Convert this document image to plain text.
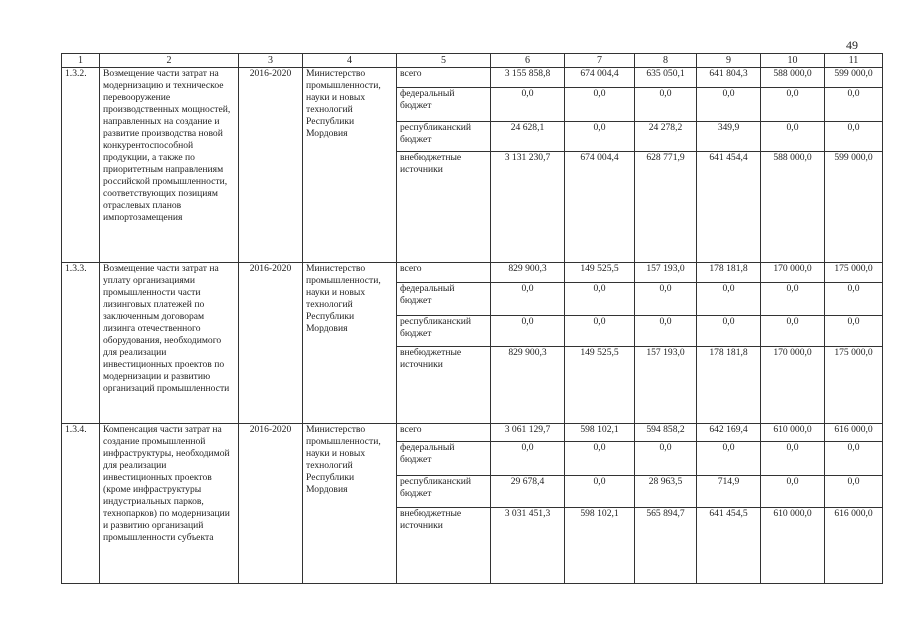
49
1	2	3	4	5	6	7	8	9	10	11
1.3.2.	Возмещение части затрат на модернизацию и техническое перевооружение производственных мощностей, направленных на создание и развитие производства новой конкурентоспособной продукции, а также по приоритетным направлениям российской промышленности, соответствующих позициям отраслевых планов импортозамещения	2016-2020	Министерство промышленности, науки и новых технологий Республики Мордовия	всего	3 155 858,8	674 004,4	635 050,1	641 804,3	588 000,0	599 000,0
				федеральный бюджет	0,0	0,0	0,0	0,0	0,0	0,0
				республиканский бюджет	24 628,1	0,0	24 278,2	349,9	0,0	0,0
				внебюджетные источники	3 131 230,7	674 004,4	628 771,9	641 454,4	588 000,0	599 000,0
1.3.3.	Возмещение части затрат на уплату организациями промышленности части лизинговых платежей по заключенным договорам лизинга отечественного оборудования, необходимого для реализации инвестиционных проектов по модернизации и развитию организаций промышленности	2016-2020	Министерство промышленности, науки и новых технологий Республики Мордовия	всего	829 900,3	149 525,5	157 193,0	178 181,8	170 000,0	175 000,0
				федеральный бюджет	0,0	0,0	0,0	0,0	0,0	0,0
				республиканский бюджет	0,0	0,0	0,0	0,0	0,0	0,0
				внебюджетные источники	829 900,3	149 525,5	157 193,0	178 181,8	170 000,0	175 000,0
1.3.4.	Компенсация части затрат на создание промышленной инфраструктуры, необходимой для реализации инвестиционных проектов (кроме инфраструктуры индустриальных парков, технопарков) по модернизации и развитию организаций промышленности субъекта	2016-2020	Министерство промышленности, науки и новых технологий Республики Мордовия	всего	3 061 129,7	598 102,1	594 858,2	642 169,4	610 000,0	616 000,0
				федеральный бюджет	0,0	0,0	0,0	0,0	0,0	0,0
				республиканский бюджет	29 678,4	0,0	28 963,5	714,9	0,0	0,0
				внебюджетные источники	3 031 451,3	598 102,1	565 894,7	641 454,5	610 000,0	616 000,0
